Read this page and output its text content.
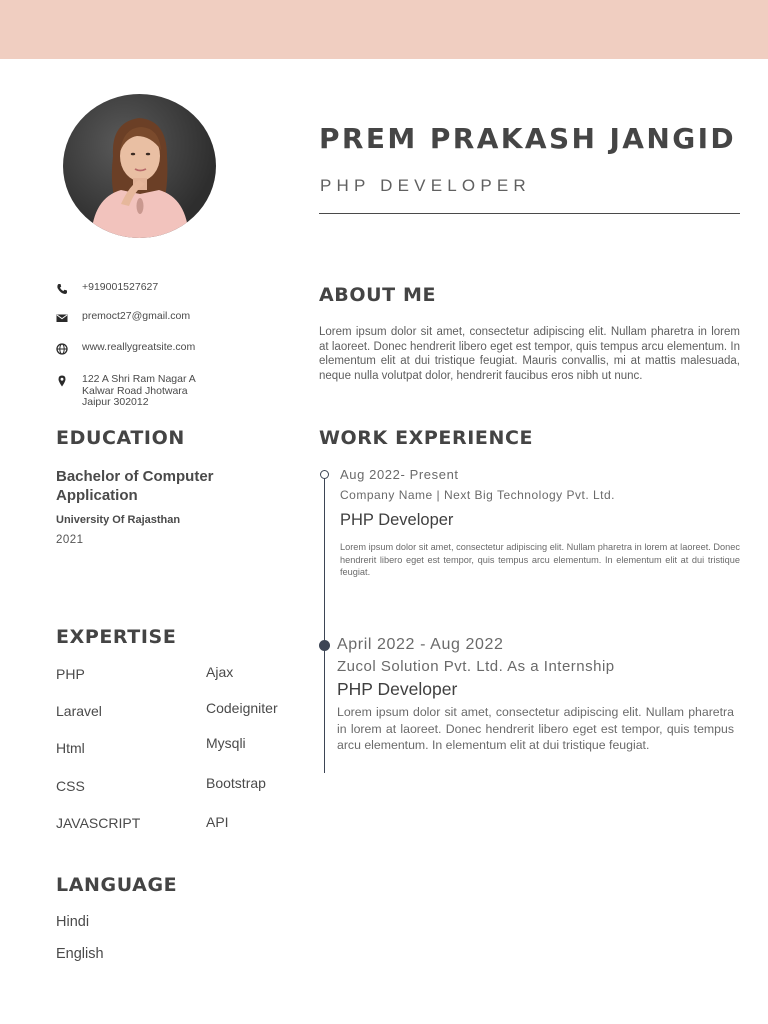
PREM PRAKASH JANGID
PHP DEVELOPER
+919001527627
premoct27@gmail.com
www.reallygreatsite.com
122 A Shri Ram Nagar A
Kalwar Road Jhotwara
Jaipur 302012
EDUCATION
Bachelor of Computer Application
University Of Rajasthan
2021
EXPERTISE
PHP
Laravel
Html
CSS
JAVASCRIPT
Ajax
Codeigniter
Mysqli
Bootstrap
API
LANGUAGE
Hindi
English
ABOUT ME
Lorem ipsum dolor sit amet, consectetur adipiscing elit. Nullam pharetra in lorem at laoreet. Donec hendrerit libero eget est tempor, quis tempus arcu elementum. In elementum elit at dui tristique feugiat. Mauris convallis, mi at mattis malesuada, neque nulla volutpat dolor, hendrerit faucibus eros nibh ut nunc.
WORK EXPERIENCE
Aug 2022- Present
Company Name | Next Big Technology Pvt. Ltd.
PHP Developer
Lorem ipsum dolor sit amet, consectetur adipiscing elit. Nullam pharetra in lorem at laoreet. Donec hendrerit libero eget est tempor, quis tempus arcu elementum. In elementum elit at dui tristique feugiat.
April 2022 - Aug 2022
Zucol Solution Pvt. Ltd. As a Internship
PHP Developer
Lorem ipsum dolor sit amet, consectetur adipiscing elit. Nullam pharetra in lorem at laoreet. Donec hendrerit libero eget est tempor, quis tempus arcu elementum. In elementum elit at dui tristique feugiat.
